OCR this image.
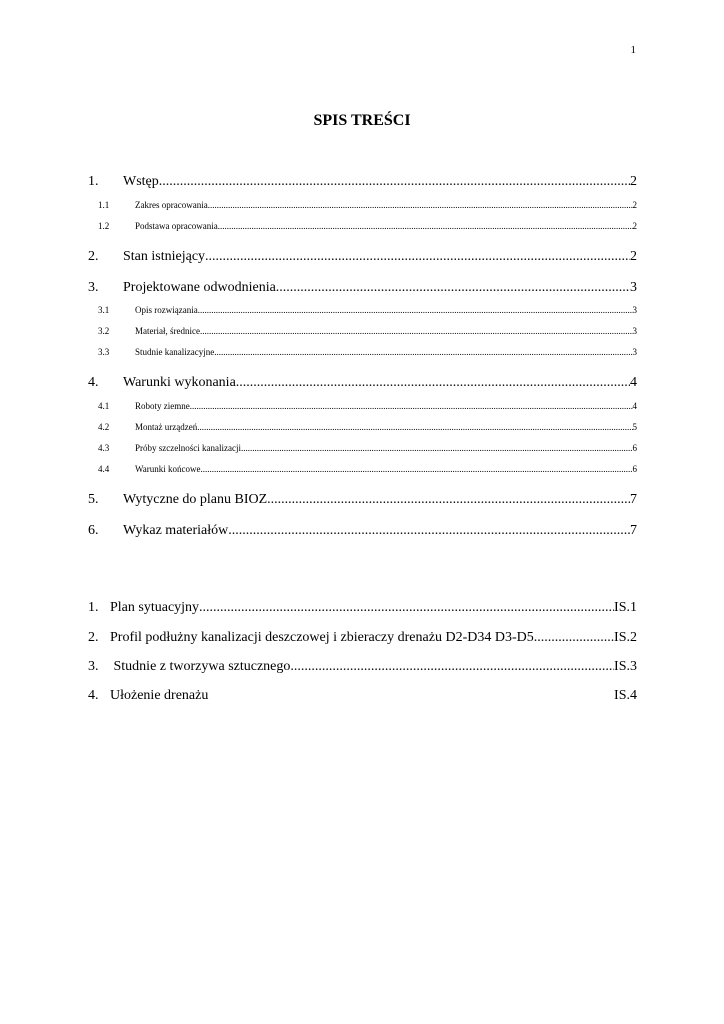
1
SPIS TREŚCI
1.	Wstęp .....	2
1.1	Zakres opracowania .....	2
1.2	Podstawa opracowania .....	2
2.	Stan istniejący .....	2
3.	Projektowane odwodnienia .....	3
3.1	Opis rozwiązania .....	3
3.2	Materiał, średnice .....	3
3.3	Studnie kanalizacyjne .....	3
4.	Warunki wykonania .....	4
4.1	Roboty ziemne .....	4
4.2	Montaż urządzeń .....	5
4.3	Próby szczelności kanalizacji .....	6
4.4	Warunki końcowe .....	6
5.	Wytyczne do planu BIOZ .....	7
6.	Wykaz materiałów .....	7
1. Plan sytuacyjny .....	IS.1
2. Profil podłużny kanalizacji deszczowej i zbieraczy drenażu D2-D34 D3-D5 .....	IS.2
3. Studnie z tworzywa sztucznego .....	IS.3
4. Ułożenie drenażu	IS.4
